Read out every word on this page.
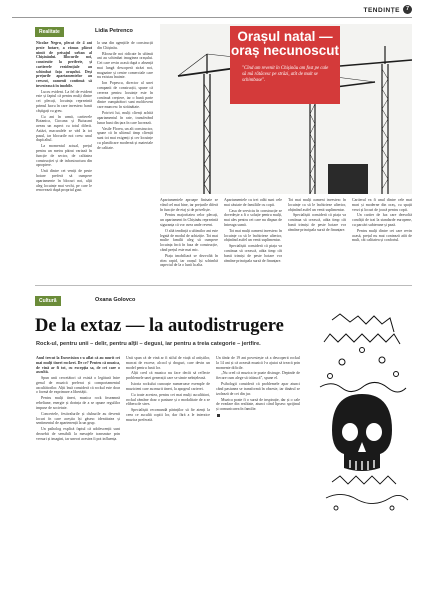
TENDINȚE	7
Realitate	Lidia Petrenco

Nicolae Negru, plecat de 4 ani peste hotare, a rămas plăcut uimit de peisajul urban al Chișinăului. Blocurile noi, construite la periferie, și cartierele rezidențiale au schimbat fața orașului. Deși prețurile apartamentelor au crescut, oamenii continuă să investească în imobile.

Lucru evident. La fel de evident este și faptul că pentru mulți dintre cei plecați, locuința reprezintă primul lucru în care investesc banii câștigați cu greu.

Cu ani în urmă, cartierele Botanica, Ciocana și Buiucani aveau un aspect cu totul diferit. Astăzi, macaralele se văd la tot pasul, iar blocurile noi cresc unul după altul.

La momentul actual, prețul pentru un metru pătrat variază în funcție de sector, de calitatea construcției și de infrastructura din apropiere.

Unii dintre cei veniți de peste hotare preferă să cumpere apartamente în blocuri noi, alții aleg locuințe mai vechi, pe care le renovează după propriul gust.

la una din agențiile de construcții din Chișinău.

Blocurile noi ridicate în ultimii ani au schimbat imaginea orașului. Cei care revin acasă după o absență mai lungă descoperă străzi noi, magazine și centre comerciale care nu existau înainte.

Ion Popescu, director al unei companii de construcții, spune că cererea pentru locuințe este în continuă creștere, iar o bună parte dintre cumpărători sunt moldoveni care muncesc în străinătate.

Potrivit lui, mulți clienți achită apartamentul în rate, transferând lunar bani din țara în care lucrează.

Vasile Florea, un alt constructor, spune că în ultimul timp clienții sunt tot mai exigenți și cer locuințe cu planificare modernă și materiale de calitate.

Orașul natal —
oraș necunoscut
"Cînd am revenit în Chișinău am fost pe cale să mă rătăcesc pe străzi, atît de mult se schimbase".

Apartamentele aproape finisate se vând cel mai bine, iar prețurile diferă în funcție de etaj și de priveliște.

Pentru majoritatea celor plecați, un apartament în Chișinău reprezintă siguranța că vor avea unde reveni.

O altă tendință a ultimilor ani este legată de modul de achiziție. Tot mai multe familii aleg să cumpere locuința încă în faza de construcție, când prețul este mai mic.

Piața imobiliară se dezvoltă în ritm rapid, iar orașul își schimbă aspectul de la o lună la alta.

Apartamentele cu trei odăi sunt cele mai căutate de familiile cu copii.

Casa de serviciu în construcție se dovedește a fi o soluție pentru mulți, mai ales pentru cei care nu dispun de întreaga sumă.

Tot mai mulți oameni investesc în locuințe ca să le închirieze ulterior, obținând astfel un venit suplimentar.

Specialiștii consideră că piața va continua să crească, atâta timp cât banii trimiși de peste hotare vor rămâne principala sursă de finanțare.

Tot mai mulți oameni investesc în locuințe ca să le închirieze ulterior, obținând astfel un venit suplimentar.

Specialiștii consideră că piața va continua să crească, atâta timp cât banii trimiși de peste hotare vor rămâne principala sursă de finanțare.

Cartierul va fi unul dintre cele mai mari și moderne din oraș, cu spații verzi și locuri de joacă pentru copii.

Un cartier de lux care dezvoltă condiții de trai la standarde europene, cu parcări subterane și pază.

Pentru mulți dintre cei care revin acasă, prețul nu mai contează atât de mult, cât calitatea și confortul.

Cultură	Oxana Golovco
De la extaz — la autodistrugere
Rock-ul, pentru unii – delir, pentru alții – degusi, iar pentru a treia categorie – jertfire.

Anul trecut la Eurovision s-a aflat că au murit cei mai mulți tineri rockeri. De ce? Pentru că muzica, de vină ar fi tot, cu excepția sa, de cei care o ascultă.

Spun unii cercetători că există o legătură între genul de muzică preferat și comportamentul ascultătorilor. Alții însă consideră că rockul este doar o formă de exprimare a libertății.

Pentru mulți tineri, muzica rock înseamnă rebeliune, energie și dorința de a se opune regulilor impuse de societate.

Concertele, festivalurile și cluburile au devenit locuri în care aceștia își găsesc identitatea și sentimentul de apartenență la un grup.

Un psiholog explică faptul că adolescenții sunt deosebit de sensibili la mesajele transmise prin versuri și imagini, iar uneori acestea îi pot influența.

Unii spun că de vină ar fi stilul de viață al artiștilor, marcat de excese, alcool și droguri, care devin un model pentru fanii lor.

Alții cred că muzica nu face decât să reflecte problemele unei generații care se simte neînțeleasă.

Istoria rockului cunoaște numeroase exemple de muzicieni care au murit tineri, la apogeul carierei.

Cu toate acestea, pentru cei mai mulți ascultători, rockul rămâne doar o pasiune și o modalitate de a se elibera de stres.

Specialiștii recomandă părinților să fie atenți la ceea ce ascultă copiii lor, dar fără a le interzice muzica preferată.

Un tânăr de 19 ani povestește că a descoperit rockul la 14 ani și că această muzică l-a ajutat să treacă prin momente dificile.

„Nu cred că muzica te poate distruge. Depinde de fiecare cum alege să trăiască”, spune el.

Psihologii consideră că problemele apar atunci când pasiunea se transformă în obsesie, iar tânărul se izolează de cei din jur.

Muzica poate fi o sursă de inspirație, dar și o cale de evadare din realitate, atunci când lipsesc sprijinul și comunicarea în familie.
